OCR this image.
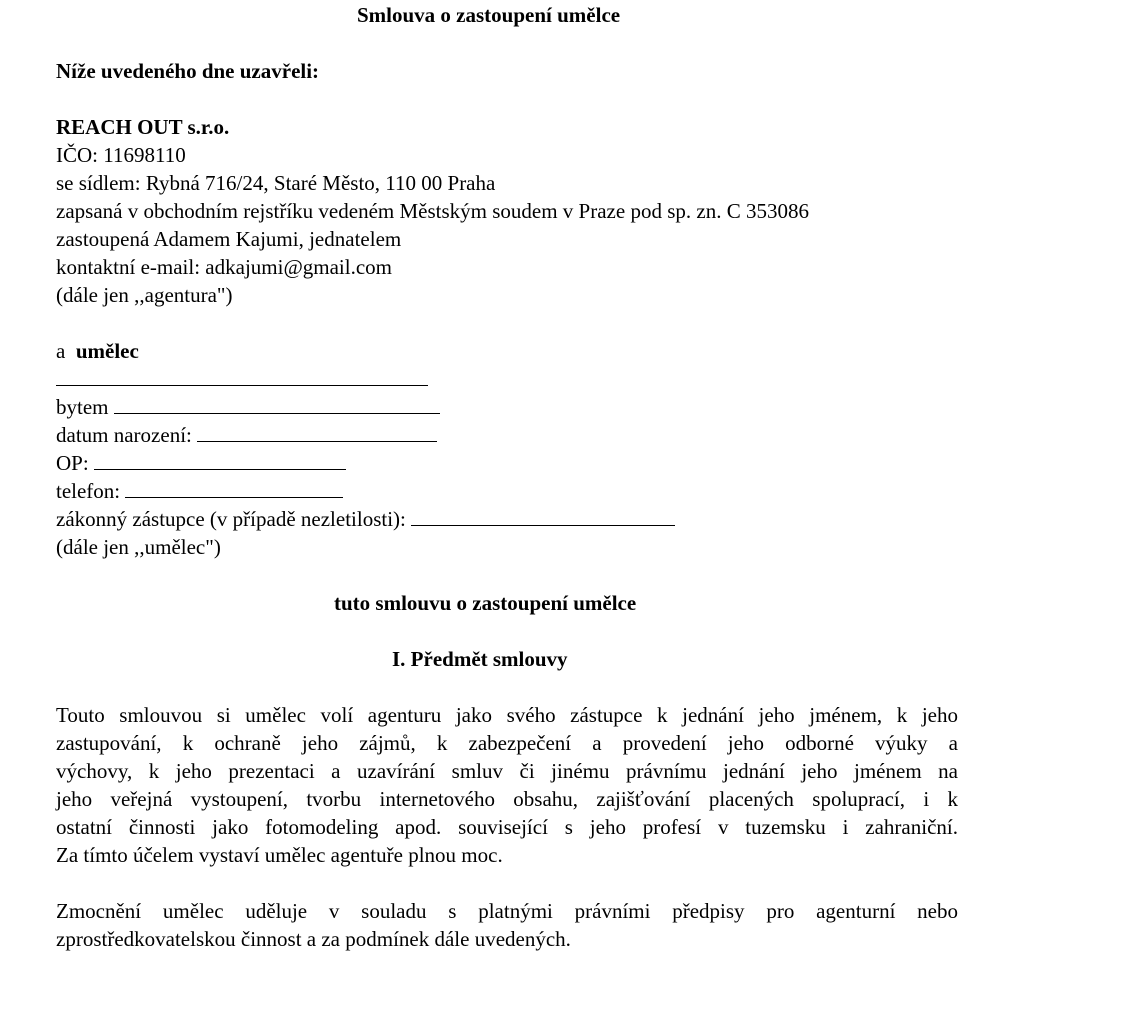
Smlouva o zastoupení umělce
Níže uvedeného dne uzavřeli:
REACH OUT s.r.o.
IČO: 11698110
se sídlem: Rybná 716/24, Staré Město, 110 00 Praha
zapsaná v obchodním rejstříku vedeném Městským soudem v Praze pod sp. zn. C 353086
zastoupená Adamem Kajumi, jednatelem
kontaktní e-mail: adkajumi@gmail.com
(dále jen ,,agentura")
a umělec
bytem
datum narození:
OP:
telefon:
zákonný zástupce (v případě nezletilosti):
(dále jen ,,umělec")
tuto smlouvu o zastoupení umělce
I. Předmět smlouvy
Touto smlouvou si umělec volí agenturu jako svého zástupce k jednání jeho jménem, k jeho
zastupování, k ochraně jeho zájmů, k zabezpečení a provedení jeho odborné výuky a
výchovy, k jeho prezentaci a uzavírání smluv či jinému právnímu jednání jeho jménem na
jeho veřejná vystoupení, tvorbu internetového obsahu, zajišťování placených spoluprací, i k
ostatní činnosti jako fotomodeling apod. související s jeho profesí v tuzemsku i zahraniční.
Za tímto účelem vystaví umělec agentuře plnou moc.
Zmocnění umělec uděluje v souladu s platnými právními předpisy pro agenturní nebo
zprostředkovatelskou činnost a za podmínek dále uvedených.
